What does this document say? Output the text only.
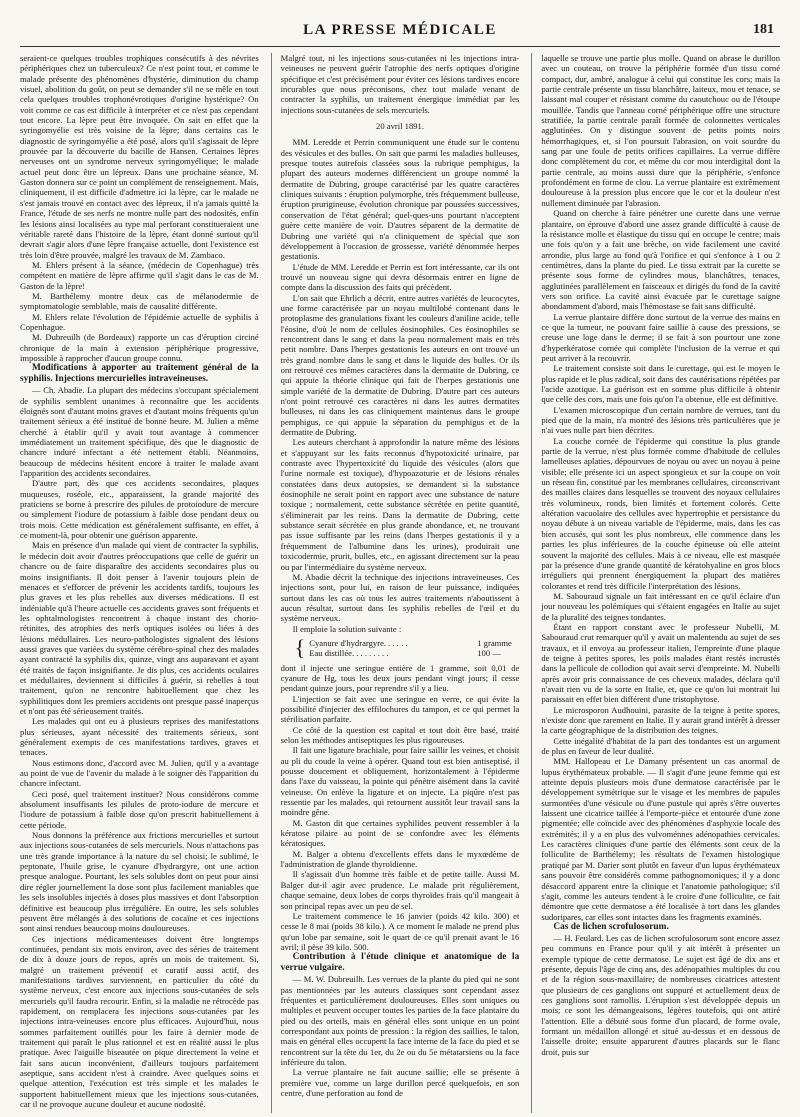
LA PRESSE MÉDICALE	181

seraient-ce quelques troubles trophiques consécutifs à des névrites périphériques chez un tuberculeux? Ce n'est point tout, et comme le malade présente des phénomènes d'hystérie, diminution du champ visuel, abolition du goût, on peut se demander s'il ne se mêle en tout cela quelques troubles trophonévrotiques d'origine hystérique? On voit comme ce cas est difficile à interpréter et ce n'est pas cependant tout encore. La lèpre peut être invoquée. On sait en effet que la syringomyélie est très voisine de la lèpre; dans certains cas le diagnostic de syringomyélie a été posé, alors qu'il s'agissait de lèpre prouvée par la découverte du bacille de Hansen. Certaines lèpres nerveuses ont un syndrome nerveux syringomyélique; le malade actuel peut donc être un lépreux. Dans une prochaine séance, M. Gaston donnera sur ce point un complément de renseignement. Mais, cliniquement, il est difficile d'admettre ici la lèpre, car le malade ne s'est jamais trouvé en contact avec des lépreux, il n'a jamais quitté la France, l'étude de ses nerfs ne montre nulle part des nodosités, enfin les lésions ainsi localisées au type mal perforant constitueraient une véritable rareté dans l'histoire de la lèpre, étant donné surtout qu'il devrait s'agir alors d'une lèpre française actuelle, dont l'existence est très loin d'être prouvée, malgré les travaux de M. Zambaco.

M. Ehlers présent à la séance, (médecin de Copenhague) très compétent en matière de lèpre affirme qu'il s'agit dans le cas de M. Gaston de la lèpre!

M. Barthélemy montre deux cas de mélanodermie de symptomatologie semblable, mais de causalité différente.

M. Ehlers relate l'évolution de l'épidémie actuelle de syphilis à Copenhague.

M. Dubreuilh (de Bordeaux) rapporte un cas d'éruption circiné chronique de la main à extension périphérique progressive, impossible à rapprocher d'aucun groupe connu.

Modifications à apporter au traitement général de la syphilis. Injections mercurielles intraveineuses.

— Ch. Abadie. La plupart des médecins s'occupant spécialement de syphilis semblent unanimes à reconnaître que les accidents éloignés sont d'autant moins graves et d'autant moins fréquents qu'un traitement sérieux a été institué de bonne heure. M. Julien a même cherché à établir qu'il y avait tout avantage à commencer immédiatement un traitement spécifique, dès que le diagnostic de chancre induré infectant a été nettement établi. Néanmoins, beaucoup de médecins hésitent encore à traiter le malade avant l'apparition des accidents secondaires.

D'autre part, dès que ces accidents secondaires, plaques muqueuses, roséole, etc., apparaissent, la grande majorité des praticiens se borne à prescrire des pilules de protoiodure de mercure ou simplement l'iodure de potassium à faible dose pendant deux ou trois mois. Cette médication est généralement suffisante, en effet, à ce moment-là, pour obtenir une guérison apparente.

Mais en présence d'un malade qui vient de contracter la syphilis, le médecin doit avoir d'autres préoccupations que celle de guérir un chancre ou de faire disparaître des accidents secondaires plus ou moins insignifiants. Il doit penser à l'avenir toujours plein de menaces et s'efforcer de prévenir les accidents tardifs, toujours les plus graves et les plus rebelles aux diverses médications. Il est indéniable qu'à l'heure actuelle ces accidents graves sont fréquents et les ophtalmologistes rencontrent à chaque instant des chorio-rétinites, des atrophies des nerfs optiques isolées ou liées à des lésions médullaires. Les neuro-pathologistes signalent des lésions aussi graves que variées du système cérébro-spinal chez des malades ayant contracté la syphilis dix, quinze, vingt ans auparavant et ayant été traités de façon insignifiante. Je dis plus, ces accidents oculaires et médullaires, deviennent si difficiles à guérir, si rebelles à tout traitement, qu'on ne rencontre habituellement que chez les syphilitiques dont les premiers accidents ont presque passé inaperçus et n'ont pas été sérieusement traités.

Les malades qui ont eu à plusieurs reprises des manifestations plus sérieuses, ayant nécessité des traitements sérieux, sont généralement exempts de ces manifestations tardives, graves et tenaces.

Nous estimons donc, d'accord avec M. Julien, qu'il y a avantage au point de vue de l'avenir du malade à le soigner dès l'apparition du chancre infectant.

Ceci posé, quel traitement instituer? Nous considérons comme absolument insuffisants les pilules de proto-iodure de mercure et l'iodure de potassium à faible dose qu'on prescrit habituellement à cette période.

Nous donnons la préférence aux frictions mercurielles et surtout aux injections sous-cutanées de sels mercuriels. Nous n'attachons pas une très grande importance à la nature du sel choisi; le sublimé, le peptonate, l'huile grise, le cyanure d'hydrargyre, ont une action presque analogue. Pourtant, les sels solubles dont on peut pour ainsi dire régler journellement la dose sont plus facilement maniables que les sels insolubles injectés à doses plus massives et dont l'absorption définitive est beaucoup plus irrégulière. En outre, les sels solubles peuvent être mélangés à des solutions de cocaïne et ces injections sont ainsi rendues beaucoup moins douloureuses.

Ces injections médicamenteuses doivent être longtemps continuées, pendant six mois environ, avec des séries de traitement de dix à douze jours de repos, après un mois de traitement. Si, malgré un traitement préventif et curatif aussi actif, des manifestations tardives surviennent, en particulier du côté du système nerveux, c'est encore aux injections sous-cutanées de sels mercuriels qu'il faudra recourir. Enfin, si la maladie ne rétrocède pas rapidement, on remplacera les injections sous-cutanées par les injections intra-veineuses encore plus efficaces. Aujourd'hui, nous sommes parfaitement outillés pour les faire à dernier mode de traitement qui paraît le plus rationnel et est en réalité aussi le plus pratique. Avec l'aiguille biseautée on pique directement la veine et fait sans aucun inconvénient, d'ailleurs toujours parfaitement aseptique, sans accident n'est à craindre. Avec quelques soins et quelque attention, l'exécution est très simple et les malades le supportent habituellement mieux que les injections sous-cutanées, car il ne provoque aucune douleur et aucune nodosité.

Malgré tout, ni les injections sous-cutanées ni les injections intra-veineuses ne peuvent guérir l'atrophie des nerfs optiques d'origine spécifique et c'est précisément pour éviter ces lésions tardives encore incurables que nous préconisons, chez tout malade venant de contracter la syphilis, un traitement énergique immédiat par les injections sous-cutanées de sels mercuriels.

20 avril 1891.

MM. Leredde et Perrin communiquent une étude sur le contenu des vésicules et des bulles. On sait que parmi les maladies bulleuses, presque toutes autrefois classées sous la rubrique pemphigus, la plupart des auteurs modernes différencient un groupe nommé la dermatite de Dubring, groupe caractérisé par les quatre caractères cliniques suivants : éruption polymorphe, très fréquemment bulleuse, éruption prurigineuse, évolution chronique par poussées successives, conservation de l'état général; quel-ques-uns pourtant n'acceptent guère cette manière de voir. D'autres séparent de la dermatite de Dubring une variété qui n'a cliniquement de spécial que son développement à l'occasion de grossesse, variété dénommée herpes gestationis.

L'étude de MM. Leredde et Perrin est fort intéressante, car ils ont trouvé un nouveau signe qui devra désormais entrer en ligne de compte dans la discussion des faits qui précèdent.

L'on sait que Ehrlich a décrit, entre autres variétés de leucocytes, une forme caractérisée par un noyau multilobé contenant dans le protoplasme des granulations fixant les couleurs d'aniline acide, telle l'éosine, d'où le nom de cellules éosinophiles. Ces éosinophiles se rencontrent dans le sang et dans la peau normalement mais en très petit nombre. Dans l'herpes gestationis les auteurs en ont trouvé un très grand nombre dans le sang et dans le liquide des bulles. Or ils ont retrouvé ces mêmes caractères dans la dermatite de Dubring, ce qui appuie la théorie clinique qui fait de l'herpes gestationis une simple variété de la dermatite de Dubring. D'autre part ces auteurs n'ont point retrouvé ces caractères ni dans les autres dermatites bulleuses, ni dans les cas cliniquement maintenus dans le groupe pemphigus, ce qui appuie la séparation du pemphigus et de la dermatite de Dubring.

Les auteurs cherchant à approfondir la nature même des lésions et s'appuyant sur les faits reconnus d'hypotoxicité urinaire, par contraste avec l'hypertoxicité du liquide des vésicules (alors que l'urine normale est toxique), d'hypoazoturie et de lésions rénales constatées dans deux autopsies, se demandent si la substance éosinophile ne serait point en rapport avec une substance de nature toxique ; normalement, cette substance sécrétée en petite quantité, s'éliminerait par les reins. Dans la dermatite de Dubring, cette substance serait sécrétée en plus grande abondance, et, ne trouvant pas issue suffisante par les reins (dans l'herpes gestationis il y a fréquemment de l'albumine dans les urines), produirait une toxicodermie, prurit, bulles, etc., en agissant directement sur la peau ou par l'intermédiaire du système nerveux.

M. Abadie décrit la technique des injections intraveineuses. Ces injections sont, pour lui, en raison de leur puissance, indiquées surtout dans les cas où tous les autres traitements n'aboutissent à aucun résultat, surtout dans les syphilis rebelles de l'œil et du système nerveux.

Il emploie la solution suivante :

{ Cyanure d'hydrargyre. . . . . .	1 gramme
Eau distillée. . . . . . . . .	100 —

dont il injecte une seringue entière de 1 gramme, soit 0,01 de cyanure de Hg, tous les deux jours pendant vingt jours; il cesse pendant quinze jours, pour reprendre s'il y a lieu.

L'injection se fait avec une seringue en verre, ce qui évite la possibilité d'injecter des effilochures du tampon, et ce qui permet la stérilisation parfaite.

Ce côté de la question est capital et tout doit être basé, traité selon les méthodes antiseptiques les plus rigoureuses.

Il fait une ligature brachiale, pour faire saillir les veines, et choisit au pli du coude la veine à opérer. Quand tout est bien antiseptisé, il pousse doucement et obliquement, horizontalement à l'épiderme dans l'axe du vaisseau, la pointe qui pénètre aisément dans la cavité veineuse. On enlève la ligature et on injecte. La piqûre n'est pas ressentie par les malades, qui retournent aussitôt leur travail sans la moindre gêne.

M. Gaston dit que certaines syphilides peuvent ressembler à la kératose pilaire au point de se confondre avec les éléments kératosiques.

M. Balger a obtenu d'excellents effets dans le myxœdème de l'administration de glande thyroïdienne.

Il s'agissait d'un homme très faible et de petite taille. Aussi M. Balger dut-il agir avec prudence. Le malade prit régulièrement, chaque semaine, deux lobes de corps thyroïdes frais qu'il mangeait à son principal repas avec un peu de sel.

Le traitement commence le 16 janvier (poids 42 kilo. 300) et cesse le 8 mai (poids 38 kilo.). A ce moment le malade ne prend plus qu'un lobe par semaine, soit le quart de ce qu'il prenait avant le 16 avril; il pèse 39 kilo. 500.

Contribution à l'étude clinique et anatomique de la verrue vulgaire.

— M. W. Dubreuilh. Les verrues de la plante du pied qui ne sont pas mentionnées par les auteurs classiques sont cependant assez fréquentes et particulièrement douloureuses. Elles sont uniques ou multiples et peuvent occuper toutes les parties de la face plantaire du pied ou des orteils, mais en général elles sont unique en un point correspondant aux points de pression : la région des saillies, le talon, mais en général elles occupent la face interne de la face du pied et se rencontrent sur la tête du 1er, du 2e ou du 5e métatarsiens ou la face inférieure du talon.

La verrue plantaire ne fait aucune saillie; elle se présente à première vue, comme un large durillon percé quelquefois, en son centre, d'une perforation au fond de

laquelle se trouve une partie plus molle. Quand on abrase le durillon avec un couteau, on trouve la périphérie formée d'un tissu corné compact, dur, ambré, analogue à celui qui constitue les cors; mais la partie centrale présente un tissu blanchâtre, laiteux, mou et tenace, se laissant mal couper et résistant comme du caoutchouc ou de l'étoupe mouillée. Tandis que l'anneau corné périphérique offre une structure stratifiée, la partie centrale paraît formée de colonnettes verticales agglutinées. On y distingue souvent de petits points noirs hémorrhagiques, et, si l'on poursuit l'abrasion, on voit sourdre du sang par une foule de petits orifices capillaires. La verrue diffère donc complètement du cor, et même du cor mou interdigital dont la partie centrale, au moins aussi dure que la périphérie, s'enfonce profondément en forme de clou. La verrue plantaire est extrêmement douloureuse à la pression plus encore que le cor et la douleur n'est nullement diminuée par l'abrasion.

Quand on cherche à faire pénétrer une curette dans une verrue plantaire, on éprouve d'abord une assez grande difficulté à cause de la résistance molle et élastique du tissu qui en occupe le centre; mais une fois qu'on y a fait une brèche, on vide facilement une cavité arrondie, plus large au fond qu'à l'orifice et qui s'enfonce à 1 ou 2 centimètres, dans la plante du pied. Le tissu extrait par la curette se présente sous forme de cylindres mous, blanchâtres, tenaces, agglutinées parallèlement en faisceaux et dirigés du fond de la cavité vers son orifice. La cavité ainsi évacuée par le curettage saigne abondamment d'abord, mais l'hémostase se fait sans difficulté.

La verrue plantaire diffère donc surtout de la verrue des mains en ce que la tumeur, ne pouvant faire saillie à cause des pressions, se creuse une loge dans le derme; il se fait à son pourtour une zone d'hyperkératose cornée qui complète l'inclusion de la verrue et qui peut arriver à la recouvrir.

Le traitement consiste soit dans le curettage, qui est le moyen le plus rapide et le plus radical, soit dans des cautérisations répétées par l'acide azotique. La guérison est en somme plus difficile à obtenir que celle des cors, mais une fois qu'on l'a obtenue, elle est définitive.

L'examen microscopique d'un certain nombre de verrues, tant du pied que de la main, n'a montré des lésions très particulières que je n'ai vues nulle part bien décrites.

La couche cornée de l'épiderme qui constitue la plus grande partie de la verrue, n'est plus formée comme d'habitude de cellules lamelleuses aplaties, dépourvues de noyau ou avec un noyau à peine visible; elle présente ici un aspect spongieux et sur la coupe on voit un réseau fin, constitué par les membranes cellulaires, circonscrivant des mailles claires dans lesquelles se trouvent des noyaux cellulaires très volumineux, ronds, bien limités et fortement colorés. Cette altération vacuolaire des cellules avec hypertrophie et persistance du noyau débute à un niveau variable de l'épiderme, mais, dans les cas bien accusés, qui sont les plus nombreux, elle commence dans les parties les plus inférieures de la couche épineuse où elle atteint souvent la majorité des cellules. Mais à ce niveau, elle est masquée par la présence d'une grande quantité de kératohyaline en gros blocs irréguliers qui prennent énergiquement la plupart des matières colorantes et rend très difficile l'interprétation des lésions.

M. Sabouraud signale un fait intéressant en ce qu'il éclaire d'un jour nouveau les polémiques qui s'étaient engagées en Italie au sujet de la pluralité des teignes tondantes.

Étant en rapport constant avec le professeur Nubelli, M. Sabouraud crut remarquer qu'il y avait un malentendu au sujet de ses travaux, et il envoya au professeur italien, l'empreinte d'une plaque de teigne à petites spores, les poils malades étant restés incrustés dans la pellicule de collodion qui avait servi d'empreinte. M. Nubelli après avoir pris connaissance de ces cheveux malades, déclara qu'il n'avait rien vu de la sorte en Italie, et, que ce qu'on lui montrait lui paraissait en effet bien différent d'une tristophytose.

Le microsporon Audhouini, parasite de la teigne à petite spores, n'existe donc que rarement en Italie. Il y aurait grand intérêt à dresser la carte géographique de la distribution des teignes.

Cette inégalité d'habitat de la part des tondantes est un argument de plus en faveur de leur dualité.

MM. Hallopeau et Le Damany présentent un cas anormal de lupus érythémateux probable. — Il s'agit d'une jeune femme qui est atteinte depuis plusieurs mois d'une dermatose caractérisée par le développement symétrique sur le visage et les membres de papules surmontées d'une vésicule ou d'une pustule qui après s'être ouvertes laissent une cicatrice taillée à l'emporte-pièce et entourée d'une zone pigmentée; elle coïncide avec des phénomènes d'asphyxie locale des extrémités; il y a en plus des vulvoménnes adénopathies cervicales. Les caractères cliniques d'une partie des éléments sont ceux de la folliculite de Barthélemy; les résultats de l'examen histologique pratiqué par M. Darier sont plutôt en faveur d'un lupus érythémateux sans pouvoir être considérés comme pathognomoniques; il y a donc désaccord apparent entre la clinique et l'anatomie pathologique; s'il s'agit, comme les auteurs tendent à le croire d'une folliculite, ce fait démontre que cette dermatose a été localisée à tort dans les glandes sudoripares, car elles sont intactes dans les fragments examinés.

Cas de lichen scrofulosorum.

— H. Feulard. Les cas de lichen scrofulosorum sont encore assez peu communs en France pour qu'il y ait intérêt à présenter un exemple typique de cette dermatose. Le sujet est âgé de dix ans et présente, depuis l'âge de cinq ans, des adénopathies multiples du cou et de la région sous-maxillaire; de nombreuses cicatrices attestent que plusieurs de ces ganglions ont suppuré et actuellement deux de ces ganglions sont ramollis. L'éruption s'est développée depuis un mois; ce sont les démangeaisons, légères toutefois, qui ont attiré l'attention. Elle a débuté sous forme d'un placard, de forme ovale, formant un médaillon allongé et situé au-dessus et en dessous de l'aisselle droite; ensuite apparurent d'autres placards sur le flanc droit, puis sur
